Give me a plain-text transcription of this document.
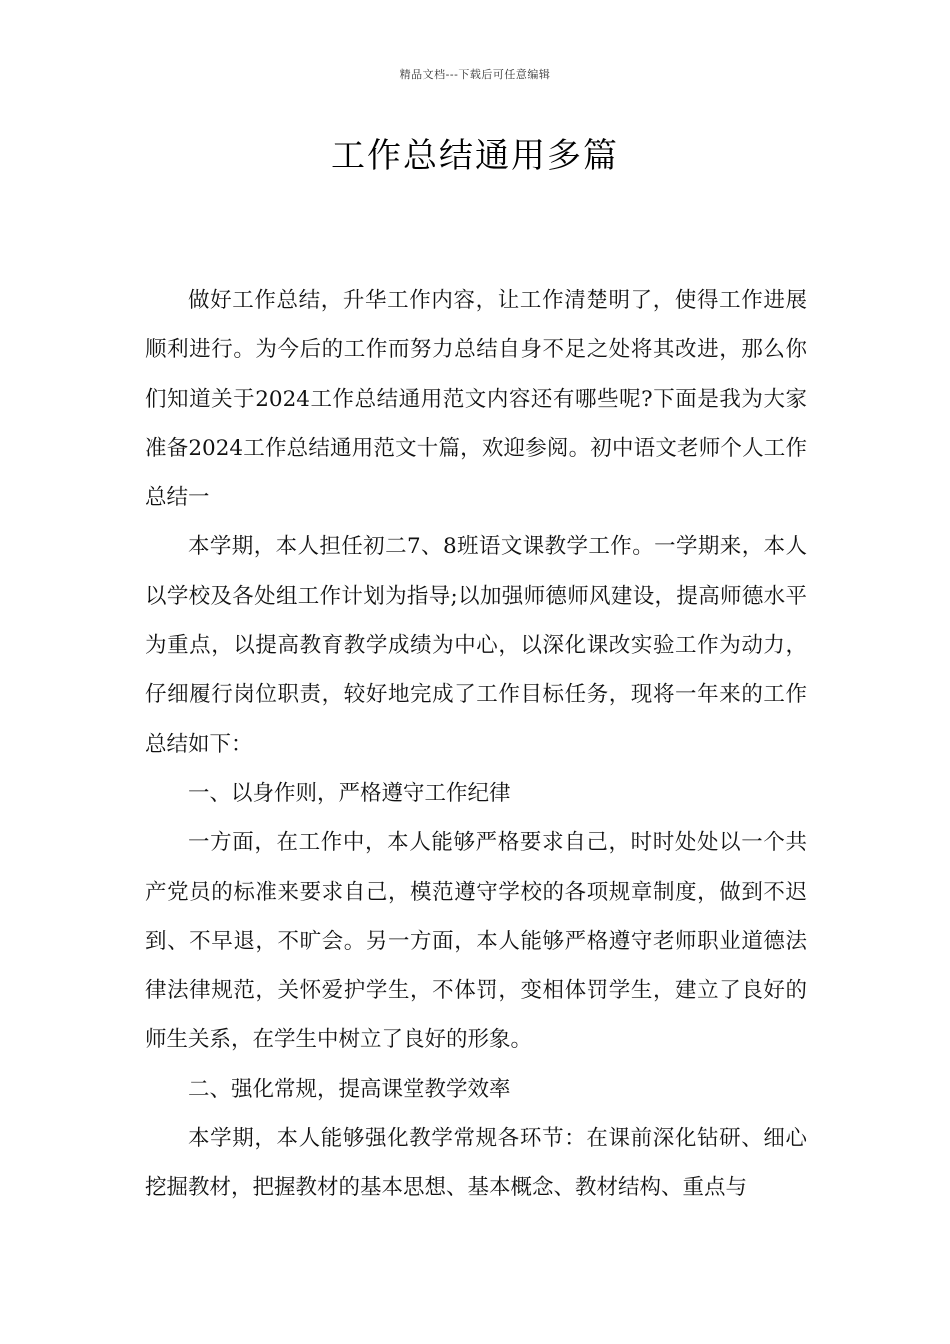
精品文档---下载后可任意编辑
工作总结通用多篇

做好工作总结，升华工作内容，让工作清楚明了，使得工作进展顺利进行。为今后的工作而努力总结自身不足之处将其改进，那么你们知道关于2024工作总结通用范文内容还有哪些呢?下面是我为大家准备2024工作总结通用范文十篇，欢迎参阅。初中语文老师个人工作总结一

本学期，本人担任初二7、8班语文课教学工作。一学期来，本人以学校及各处组工作计划为指导;以加强师德师风建设，提高师德水平为重点，以提高教育教学成绩为中心，以深化课改实验工作为动力，仔细履行岗位职责，较好地完成了工作目标任务，现将一年来的工作总结如下：

一、以身作则，严格遵守工作纪律

一方面，在工作中，本人能够严格要求自己，时时处处以一个共产党员的标准来要求自己，模范遵守学校的各项规章制度，做到不迟到、不早退，不旷会。另一方面，本人能够严格遵守老师职业道德法律法律规范，关怀爱护学生，不体罚，变相体罚学生，建立了良好的师生关系，在学生中树立了良好的形象。

二、强化常规，提高课堂教学效率

本学期，本人能够强化教学常规各环节：在课前深化钻研、细心挖掘教材，把握教材的基本思想、基本概念、教材结构、重点与
